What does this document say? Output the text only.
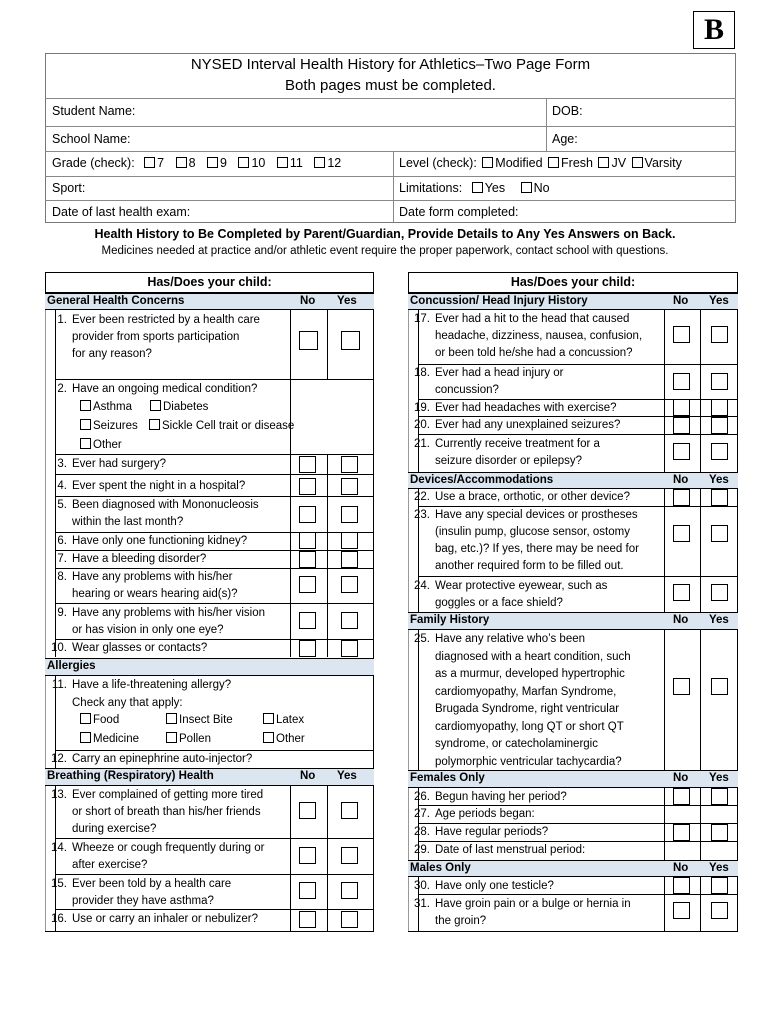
B
NYSED Interval Health History for Athletics–Two Page Form
Both pages must be completed.
Student Name:	DOB:
School Name:	Age:
Grade (check): 7 8 9 10 11 12	Level (check): Modified Fresh JV Varsity
Sport:	Limitations: Yes No
Date of last health exam:	Date form completed:
Health History to Be Completed by Parent/Guardian, Provide Details to Any Yes Answers on Back.
Medicines needed at practice and/or athletic event require the proper paperwork, contact school with questions.
Has/Does your child:
General Health Concerns	No Yes
1. Ever been restricted by a health care
provider from sports participation
for any reason?
2. Have an ongoing medical condition?
Asthma	Diabetes
Seizures	Sickle Cell trait or disease
Other
3. Ever had surgery?
4. Ever spent the night in a hospital?
5. Been diagnosed with Mononucleosis
within the last month?
6. Have only one functioning kidney?
7. Have a bleeding disorder?
8. Have any problems with his/her
hearing or wears hearing aid(s)?
9. Have any problems with his/her vision
or has vision in only one eye?
10. Wear glasses or contacts?
Allergies
11. Have a life-threatening allergy?
Check any that apply:
Food	Insect Bite	Latex
Medicine	Pollen	Other
12. Carry an epinephrine auto-injector?
Breathing (Respiratory) Health	No Yes
13. Ever complained of getting more tired
or short of breath than his/her friends
during exercise?
14. Wheeze or cough frequently during or
after exercise?
15. Ever been told by a health care
provider they have asthma?
16. Use or carry an inhaler or nebulizer?
Has/Does your child:
Concussion/ Head Injury History	No Yes
17. Ever had a hit to the head that caused
headache, dizziness, nausea, confusion,
or been told he/she had a concussion?
18. Ever had a head injury or
concussion?
19. Ever had headaches with exercise?
20. Ever had any unexplained seizures?
21. Currently receive treatment for a
seizure disorder or epilepsy?
Devices/Accommodations	No Yes
22. Use a brace, orthotic, or other device?
23. Have any special devices or prostheses
(insulin pump, glucose sensor, ostomy
bag, etc.)? If yes, there may be need for
another required form to be filled out.
24. Wear protective eyewear, such as
goggles or a face shield?
Family History	No Yes
25. Have any relative who’s been
diagnosed with a heart condition, such
as a murmur, developed hypertrophic
cardiomyopathy, Marfan Syndrome,
Brugada Syndrome, right ventricular
cardiomyopathy, long QT or short QT
syndrome, or catecholaminergic
polymorphic ventricular tachycardia?
Females Only	No Yes
26. Begun having her period?
27. Age periods began:
28. Have regular periods?
29. Date of last menstrual period:
Males Only	No Yes
30. Have only one testicle?
31. Have groin pain or a bulge or hernia in
the groin?
